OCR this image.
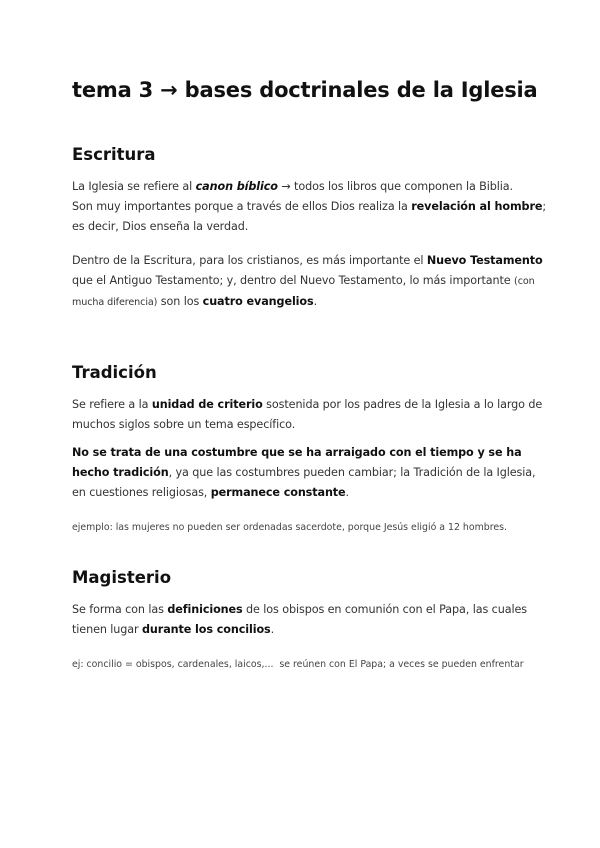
tema 3 → bases doctrinales de la Iglesia
Escritura

La Iglesia se refiere al canon bíblico → todos los libros que componen la Biblia.
Son muy importantes porque a través de ellos Dios realiza la revelación al hombre; es decir, Dios enseña la verdad.

Dentro de la Escritura, para los cristianos, es más importante el Nuevo Testamento que el Antiguo Testamento; y, dentro del Nuevo Testamento, lo más importante (con mucha diferencia) son los cuatro evangelios.

Tradición

Se refiere a la unidad de criterio sostenida por los padres de la Iglesia a lo largo de muchos siglos sobre un tema específico.

No se trata de una costumbre que se ha arraigado con el tiempo y se ha hecho tradición, ya que las costumbres pueden cambiar; la Tradición de la Iglesia, en cuestiones religiosas, permanece constante.

ejemplo: las mujeres no pueden ser ordenadas sacerdote, porque Jesús eligió a 12 hombres.

Magisterio

Se forma con las definiciones de los obispos en comunión con el Papa, las cuales tienen lugar durante los concilios.

ej: concilio = obispos, cardenales, laicos,...  se reúnen con El Papa; a veces se pueden enfrentar
